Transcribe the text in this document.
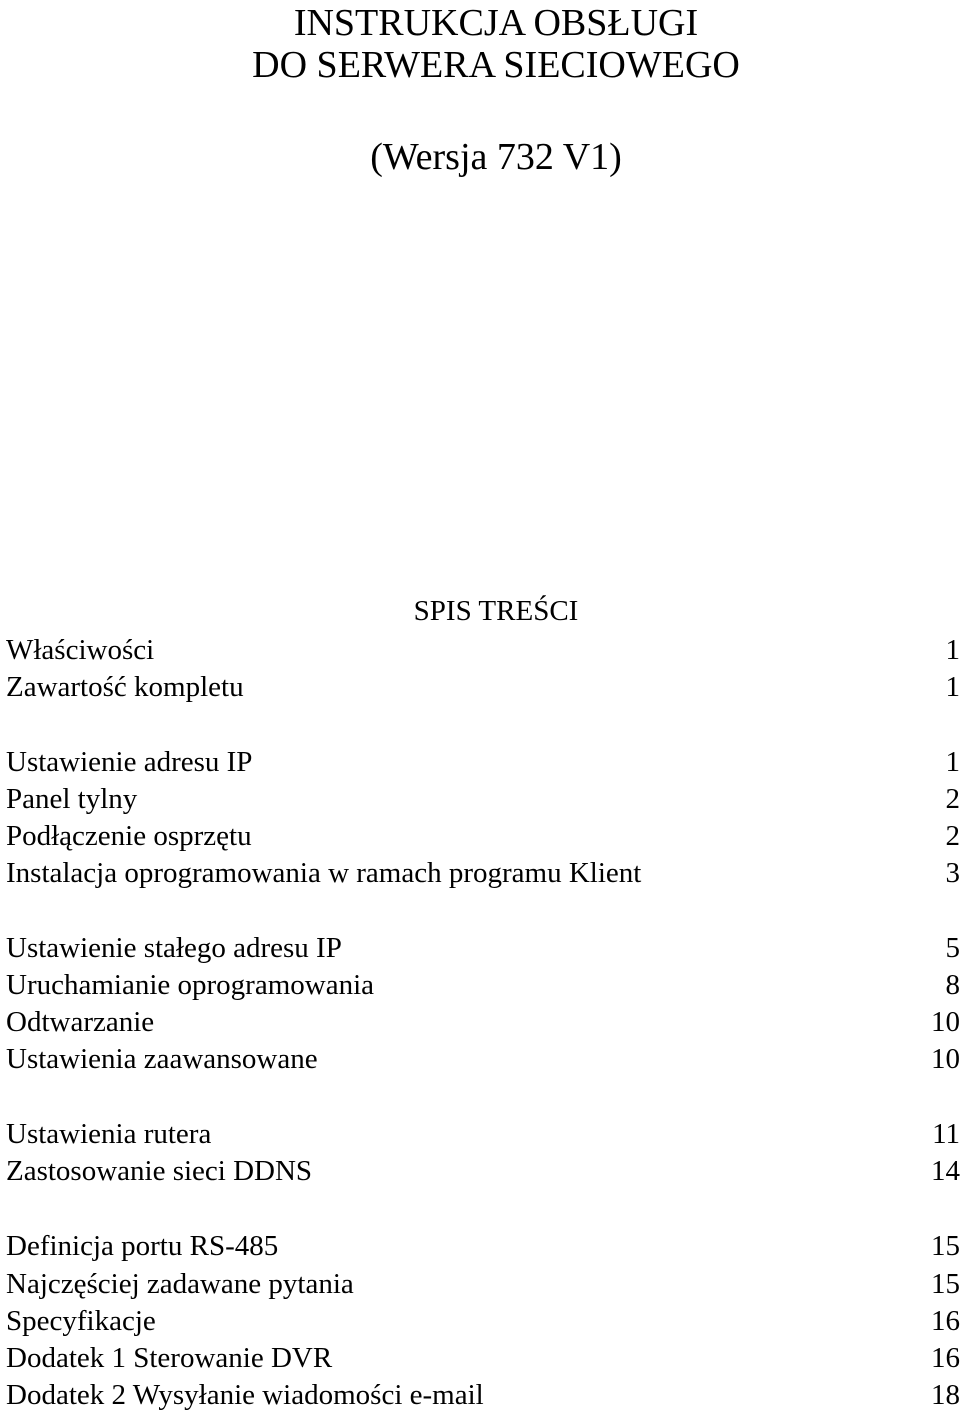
INSTRUKCJA OBSŁUGI
DO SERWERA SIECIOWEGO
(Wersja 732 V1)
SPIS TREŚCI
Właściwości	1
Zawartość kompletu	1
Ustawienie adresu IP	1
Panel tylny	2
Podłączenie osprzętu	2
Instalacja oprogramowania w ramach programu Klient	3
Ustawienie stałego adresu IP	5
Uruchamianie oprogramowania	8
Odtwarzanie	10
Ustawienia zaawansowane	10
Ustawienia rutera	11
Zastosowanie sieci DDNS	14
Definicja portu RS-485	15
Najczęściej zadawane pytania	15
Specyfikacje	16
Dodatek 1 Sterowanie DVR	16
Dodatek 2 Wysyłanie wiadomości e-mail	18
